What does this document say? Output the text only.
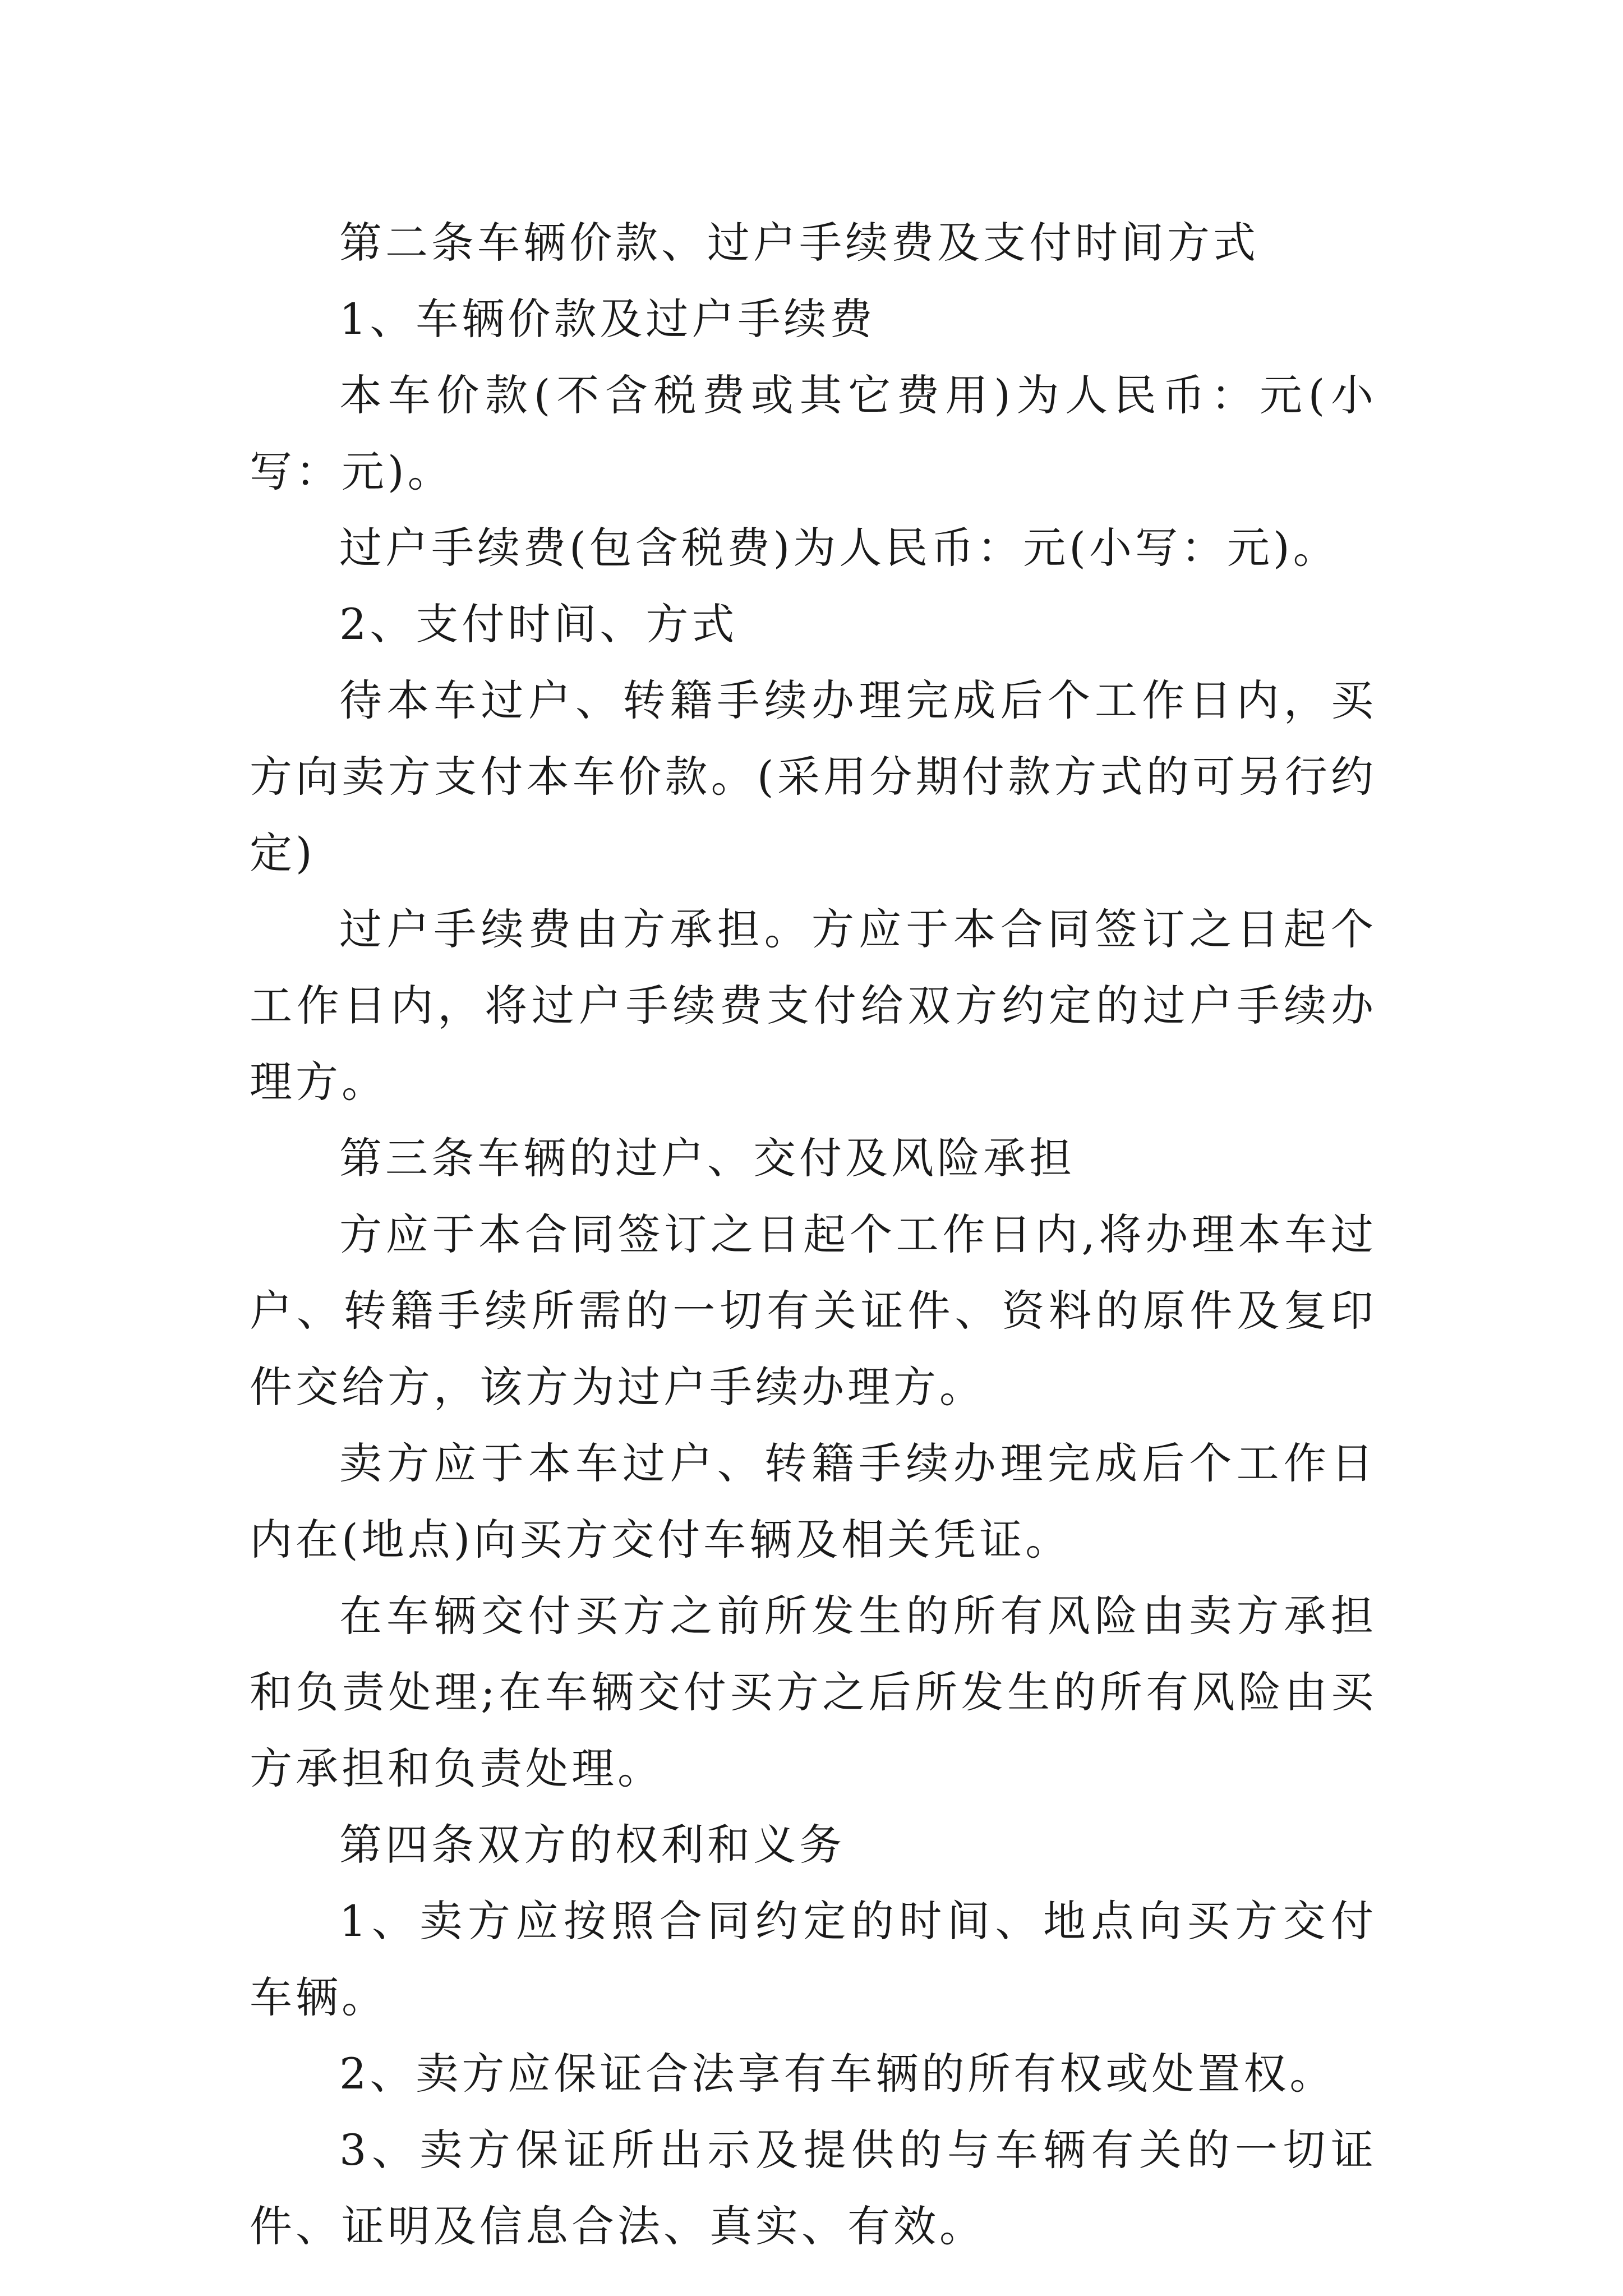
第二条车辆价款、过户手续费及支付时间方式

1、车辆价款及过户手续费

本车价款(不含税费或其它费用)为人民币：元(小写：元)。

过户手续费(包含税费)为人民币：元(小写：元)。

2、支付时间、方式

待本车过户、转籍手续办理完成后个工作日内，买方向卖方支付本车价款。(采用分期付款方式的可另行约定)

过户手续费由方承担。方应于本合同签订之日起个工作日内，将过户手续费支付给双方约定的过户手续办理方。

第三条车辆的过户、交付及风险承担

方应于本合同签订之日起个工作日内,将办理本车过户、转籍手续所需的一切有关证件、资料的原件及复印件交给方，该方为过户手续办理方。

卖方应于本车过户、转籍手续办理完成后个工作日内在(地点)向买方交付车辆及相关凭证。

在车辆交付买方之前所发生的所有风险由卖方承担和负责处理;在车辆交付买方之后所发生的所有风险由买方承担和负责处理。

第四条双方的权利和义务

1、卖方应按照合同约定的时间、地点向买方交付车辆。

2、卖方应保证合法享有车辆的所有权或处置权。

3、卖方保证所出示及提供的与车辆有关的一切证件、证明及信息合法、真实、有效。
